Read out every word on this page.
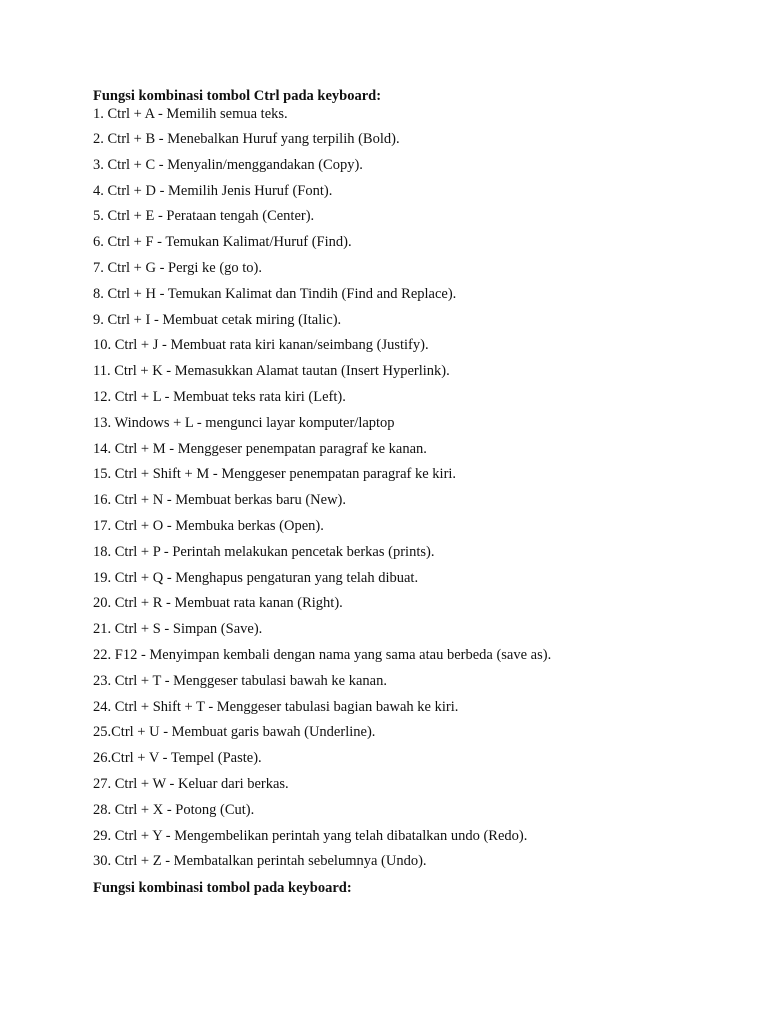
Fungsi kombinasi tombol Ctrl pada keyboard:

1. Ctrl + A - Memilih semua teks.
2. Ctrl + B - Menebalkan Huruf yang terpilih (Bold).
3. Ctrl + C - Menyalin/menggandakan (Copy).
4. Ctrl + D - Memilih Jenis Huruf (Font).
5. Ctrl + E - Perataan tengah (Center).
6. Ctrl + F - Temukan Kalimat/Huruf (Find).
7. Ctrl + G - Pergi ke (go to).
8. Ctrl + H - Temukan Kalimat dan Tindih (Find and Replace).
9. Ctrl + I - Membuat cetak miring (Italic).
10. Ctrl + J - Membuat rata kiri kanan/seimbang (Justify).
11. Ctrl + K - Memasukkan Alamat tautan (Insert Hyperlink).
12. Ctrl + L - Membuat teks rata kiri (Left).
13. Windows + L - mengunci layar komputer/laptop
14. Ctrl + M - Menggeser penempatan paragraf ke kanan.
15. Ctrl + Shift + M - Menggeser penempatan paragraf ke kiri.
16. Ctrl + N - Membuat berkas baru (New).
17. Ctrl + O - Membuka berkas (Open).
18. Ctrl + P - Perintah melakukan pencetak berkas (prints).
19. Ctrl + Q - Menghapus pengaturan yang telah dibuat.
20. Ctrl + R - Membuat rata kanan (Right).
21. Ctrl + S - Simpan (Save).
22. F12 - Menyimpan kembali dengan nama yang sama atau berbeda (save as).
23. Ctrl + T - Menggeser tabulasi bawah ke kanan.
24. Ctrl + Shift + T - Menggeser tabulasi bagian bawah ke kiri.
25.Ctrl + U - Membuat garis bawah (Underline).
26.Ctrl + V - Tempel (Paste).
27. Ctrl + W - Keluar dari berkas.
28. Ctrl + X - Potong (Cut).
29. Ctrl + Y - Mengembelikan perintah yang telah dibatalkan undo (Redo).
30. Ctrl + Z - Membatalkan perintah sebelumnya (Undo).

Fungsi kombinasi tombol pada keyboard:
